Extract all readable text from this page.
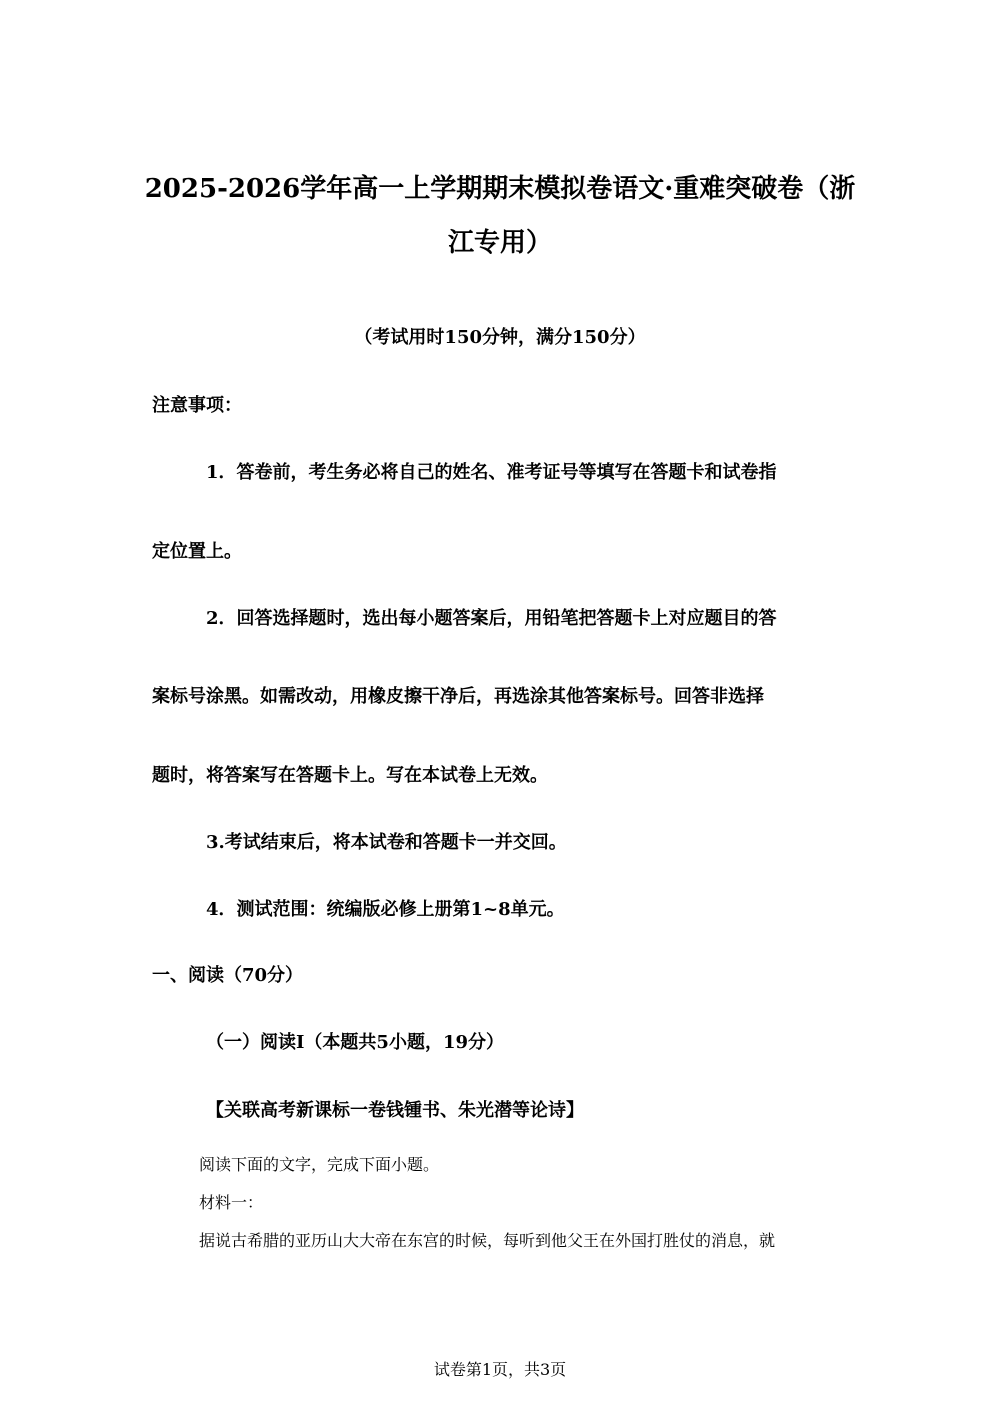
2025-2026学年高一上学期期末模拟卷语文·重难突破卷（浙
江专用）
（考试用时150分钟，满分150分）
注意事项：
1．答卷前，考生务必将自己的姓名、准考证号等填写在答题卡和试卷指
定位置上。
2．回答选择题时，选出每小题答案后，用铅笔把答题卡上对应题目的答
案标号涂黑。如需改动，用橡皮擦干净后，再选涂其他答案标号。回答非选择
题时，将答案写在答题卡上。写在本试卷上无效。
3.考试结束后，将本试卷和答题卡一并交回。
4．测试范围：统编版必修上册第1~8单元。
一、阅读（70分）
（一）阅读I（本题共5小题，19分）
【关联高考新课标一卷钱锺书、朱光潜等论诗】
阅读下面的文字，完成下面小题。
材料一：
据说古希腊的亚历山大大帝在东宫的时候，每听到他父王在外国打胜仗的消息，就
试卷第1页，共3页
